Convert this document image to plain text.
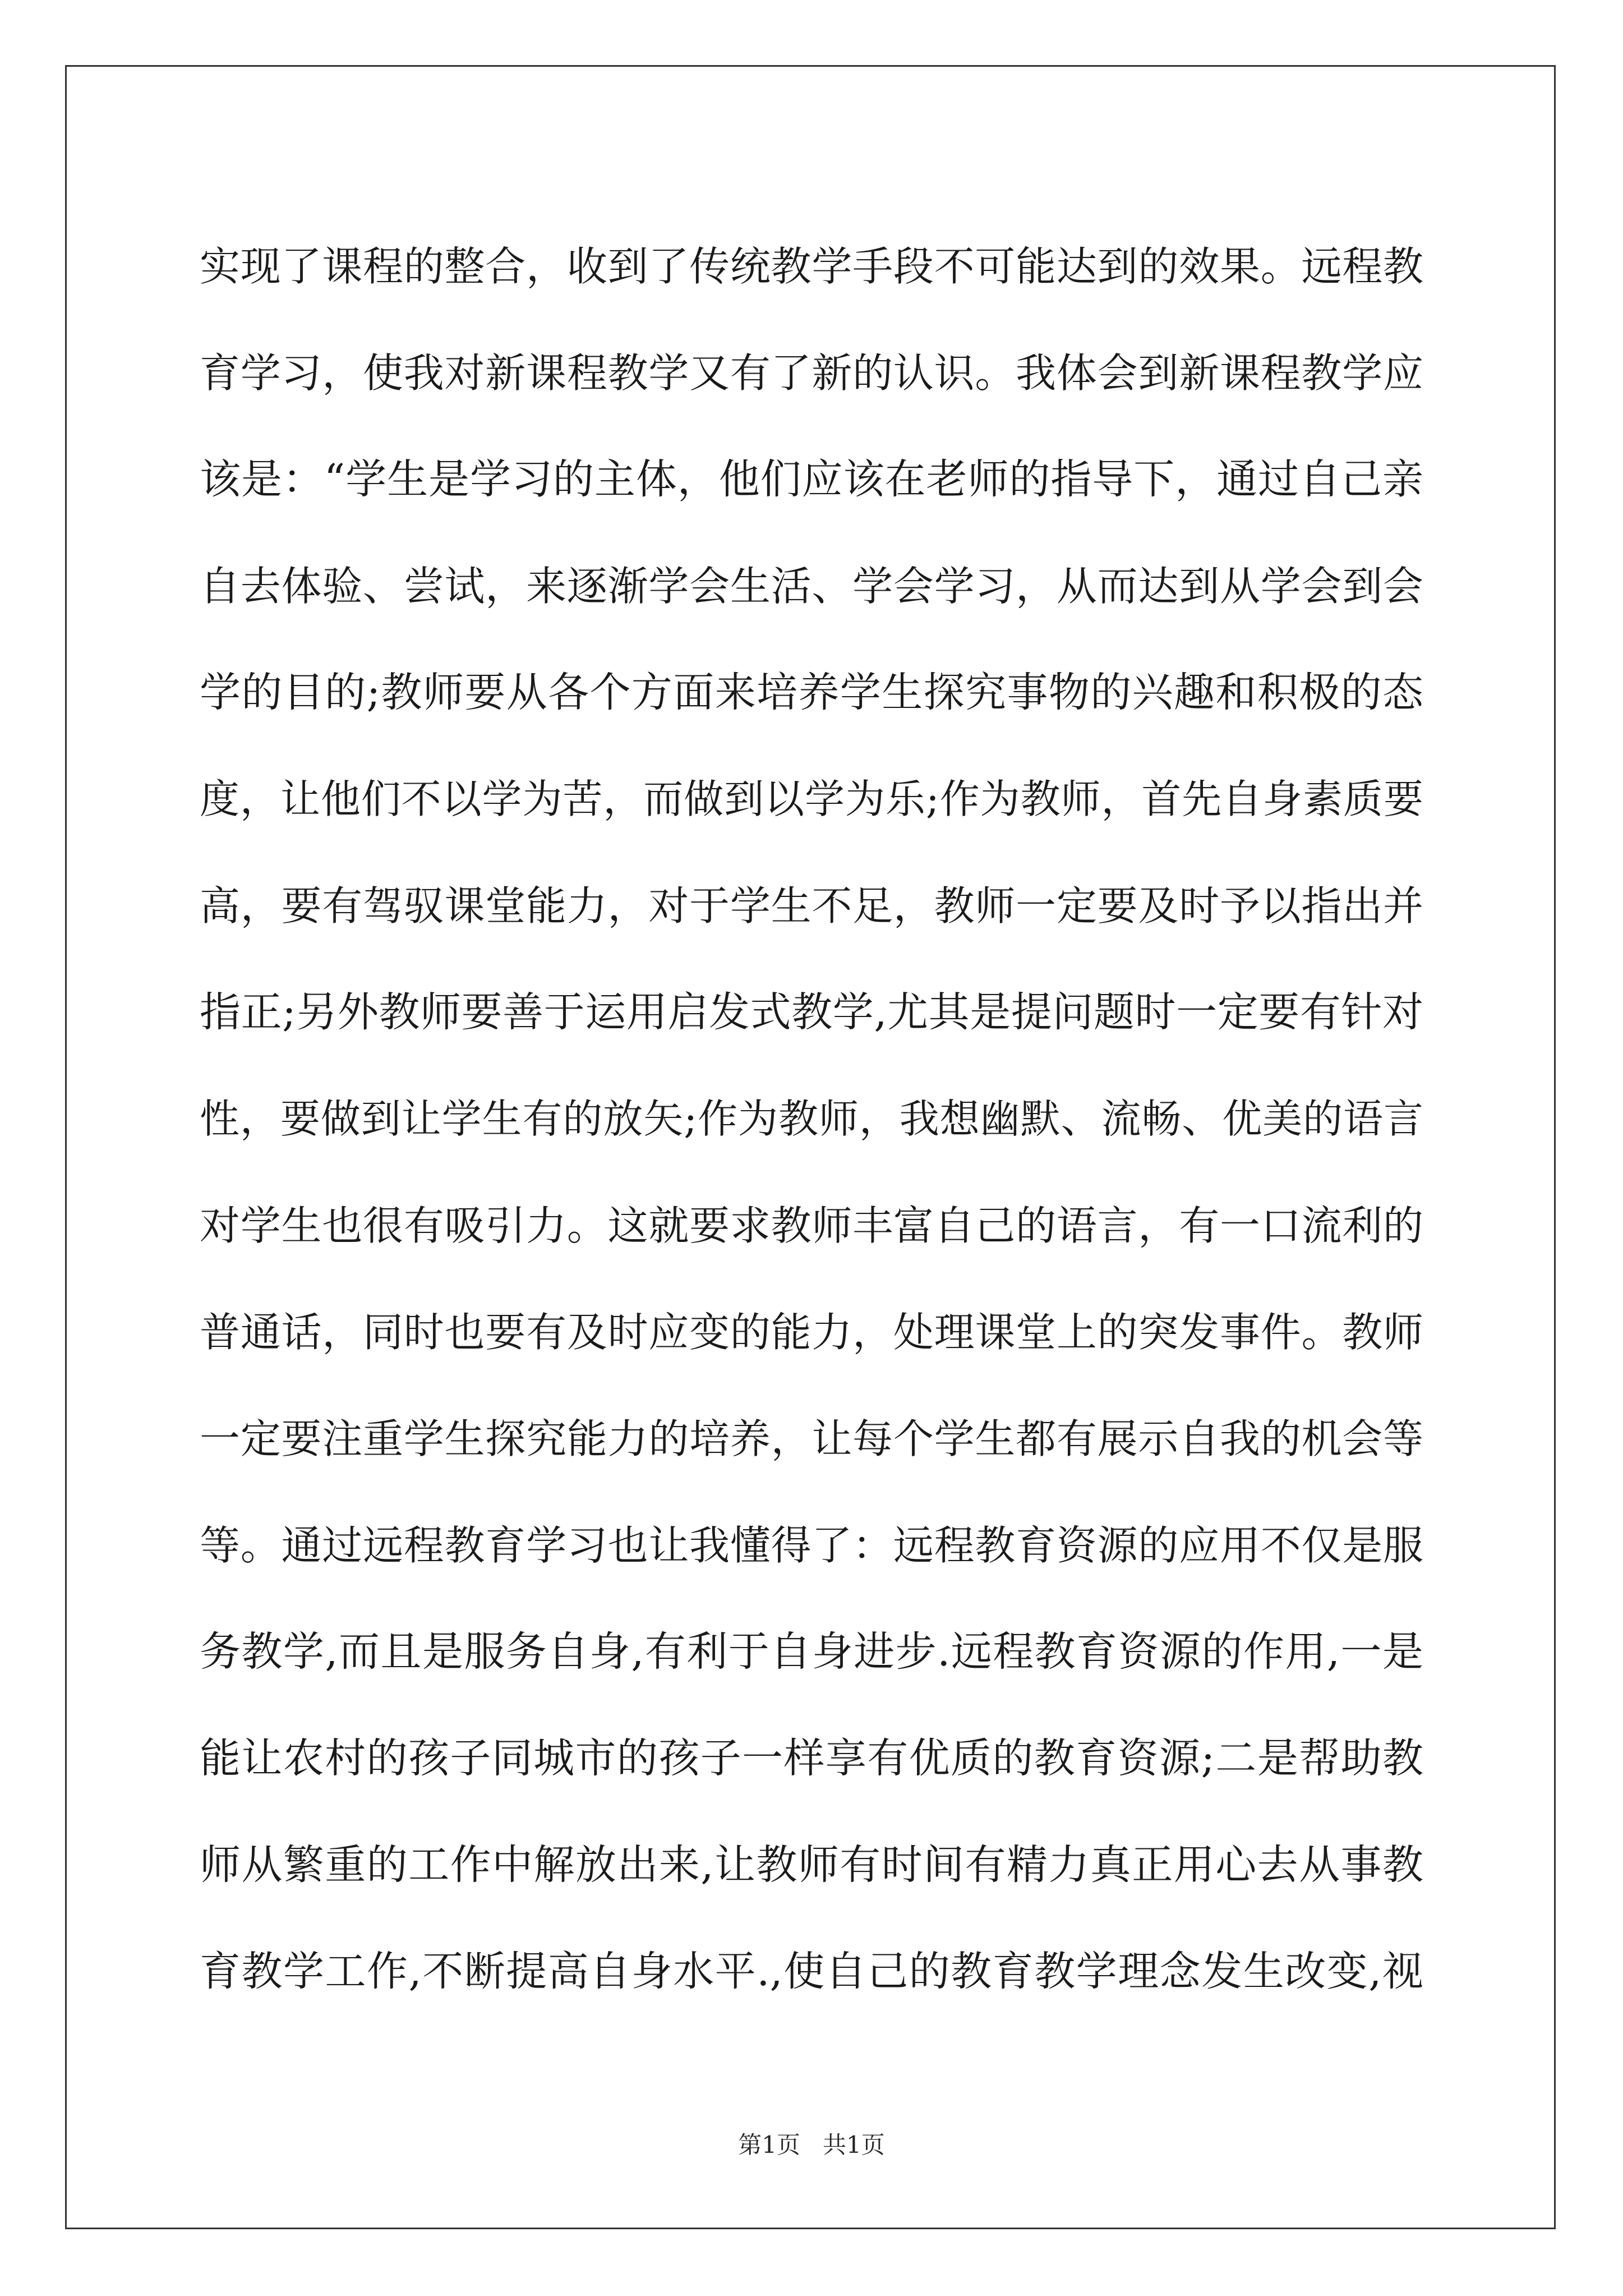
实现了课程的整合，收到了传统教学手段不可能达到的效果。远程教
育学习，使我对新课程教学又有了新的认识。我体会到新课程教学应
该是：“学生是学习的主体，他们应该在老师的指导下，通过自己亲
自去体验、尝试，来逐渐学会生活、学会学习，从而达到从学会到会
学的目的;教师要从各个方面来培养学生探究事物的兴趣和积极的态
度，让他们不以学为苦，而做到以学为乐;作为教师，首先自身素质要
高，要有驾驭课堂能力，对于学生不足，教师一定要及时予以指出并
指正;另外教师要善于运用启发式教学,尤其是提问题时一定要有针对
性，要做到让学生有的放矢;作为教师，我想幽默、流畅、优美的语言
对学生也很有吸引力。这就要求教师丰富自己的语言，有一口流利的
普通话，同时也要有及时应变的能力，处理课堂上的突发事件。教师
一定要注重学生探究能力的培养，让每个学生都有展示自我的机会等
等。通过远程教育学习也让我懂得了：远程教育资源的应用不仅是服
务教学,而且是服务自身,有利于自身进步.远程教育资源的作用,一是
能让农村的孩子同城市的孩子一样享有优质的教育资源;二是帮助教
师从繁重的工作中解放出来,让教师有时间有精力真正用心去从事教
育教学工作,不断提高自身水平.,使自己的教育教学理念发生改变,视
第1页 共1页
